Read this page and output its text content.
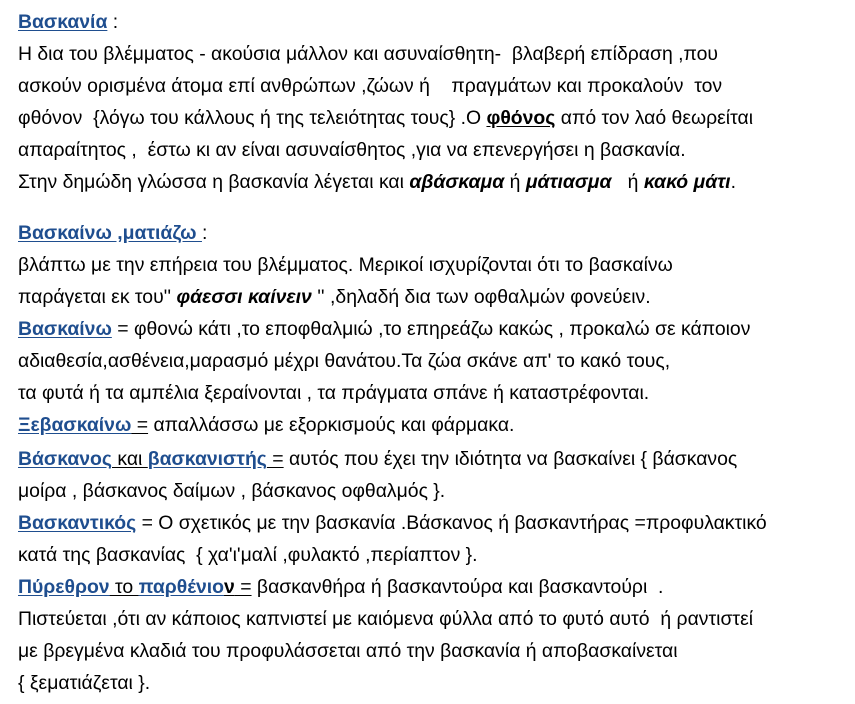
Βασκανία :
Η δια του βλέμματος - ακούσια μάλλον και ασυναίσθητη-  βλαβερή επίδραση ,που
ασκούν ορισμένα άτομα επί ανθρώπων ,ζώων ή    πραγμάτων και προκαλούν  τον
φθόνον  {λόγω του κάλλους ή της τελειότητας τους} .Ο φθόνος από τον λαό θεωρείται
απαραίτητος ,  έστω κι αν είναι ασυναίσθητος ,για να επενεργήσει η βασκανία.
Στην δημώδη γλώσσα η βασκανία λέγεται και αβάσκαμα ή μάτιασμα   ή κακό μάτι.
Βασκαίνω ,ματιάζω :
βλάπτω με την επήρεια του βλέμματος. Μερικοί ισχυρίζονται ότι το βασκαίνω
παράγεται εκ του'' φάεσσι καίνειν '' ,δηλαδή δια των οφθαλμών φονεύειν.
Βασκαίνω = φθονώ κάτι ,το εποφθαλμιώ ,το επηρεάζω κακώς , προκαλώ σε κάποιον
αδιαθεσία,ασθένεια,μαρασμό μέχρι θανάτου.Τα ζώα σκάνε απ' το κακό τους,
τα φυτά ή τα αμπέλια ξεραίνονται , τα πράγματα σπάνε ή καταστρέφονται.
Ξεβασκαίνω = απαλλάσσω με εξορκισμούς και φάρμακα.
Βάσκανος και βασκανιστής = αυτός που έχει την ιδιότητα να βασκαίνει { βάσκανος
μοίρα , βάσκανος δαίμων , βάσκανος οφθαλμός }.
Βασκαντικός = Ο σχετικός με την βασκανία .Βάσκανος ή βασκαντήρας =προφυλακτικό
κατά της βασκανίας  { χα'ι'μαλί ,φυλακτό ,περίαπτον }.
Πύρεθρον το παρθένιον = βασκανθήρα ή βασκαντούρα και βασκαντούρι  .
Πιστεύεται ,ότι αν κάποιος καπνιστεί με καιόμενα φύλλα από το φυτό αυτό  ή ραντιστεί
με βρεγμένα κλαδιά του προφυλάσσεται από την βασκανία ή αποβασκαίνεται
{ ξεματιάζεται }.
